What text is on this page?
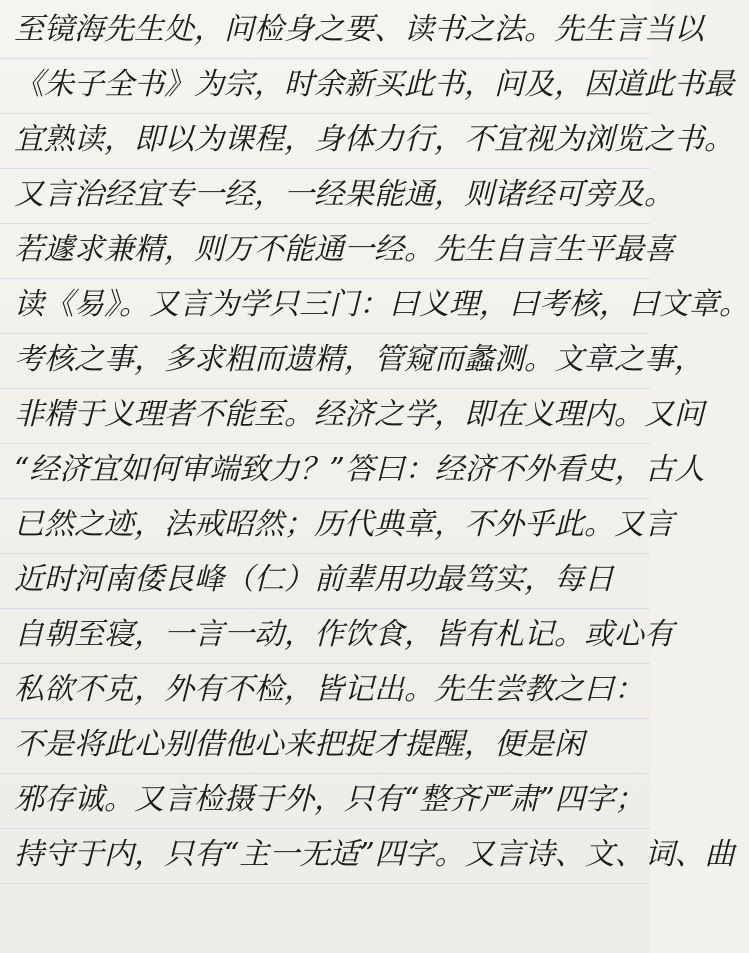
至镜海先生处，问检身之要、读书之法。先生言当以
《朱子全书》为宗，时余新买此书，问及，因道此书最
宜熟读，即以为课程，身体力行，不宜视为浏览之书。
又言治经宜专一经，一经果能通，则诸经可旁及。
若遽求兼精，则万不能通一经。先生自言生平最喜
读《易》。又言为学只三门：曰义理，曰考核，曰文章。
考核之事，多求粗而遗精，管窥而蠡测。文章之事，
非精于义理者不能至。经济之学，即在义理内。又问
“经济宜如何审端致力？”答曰：经济不外看史，古人
已然之迹，法戒昭然；历代典章，不外乎此。又言
近时河南倭艮峰（仁）前辈用功最笃实，每日
自朝至寝，一言一动，作饮食，皆有札记。或心有
私欲不克，外有不检，皆记出。先生尝教之曰：
不是将此心别借他心来把捉才提醒，便是闲
邪存诚。又言检摄于外，只有“整齐严肃”四字；
持守于内，只有“主一无适”四字。又言诗、文、词、曲
